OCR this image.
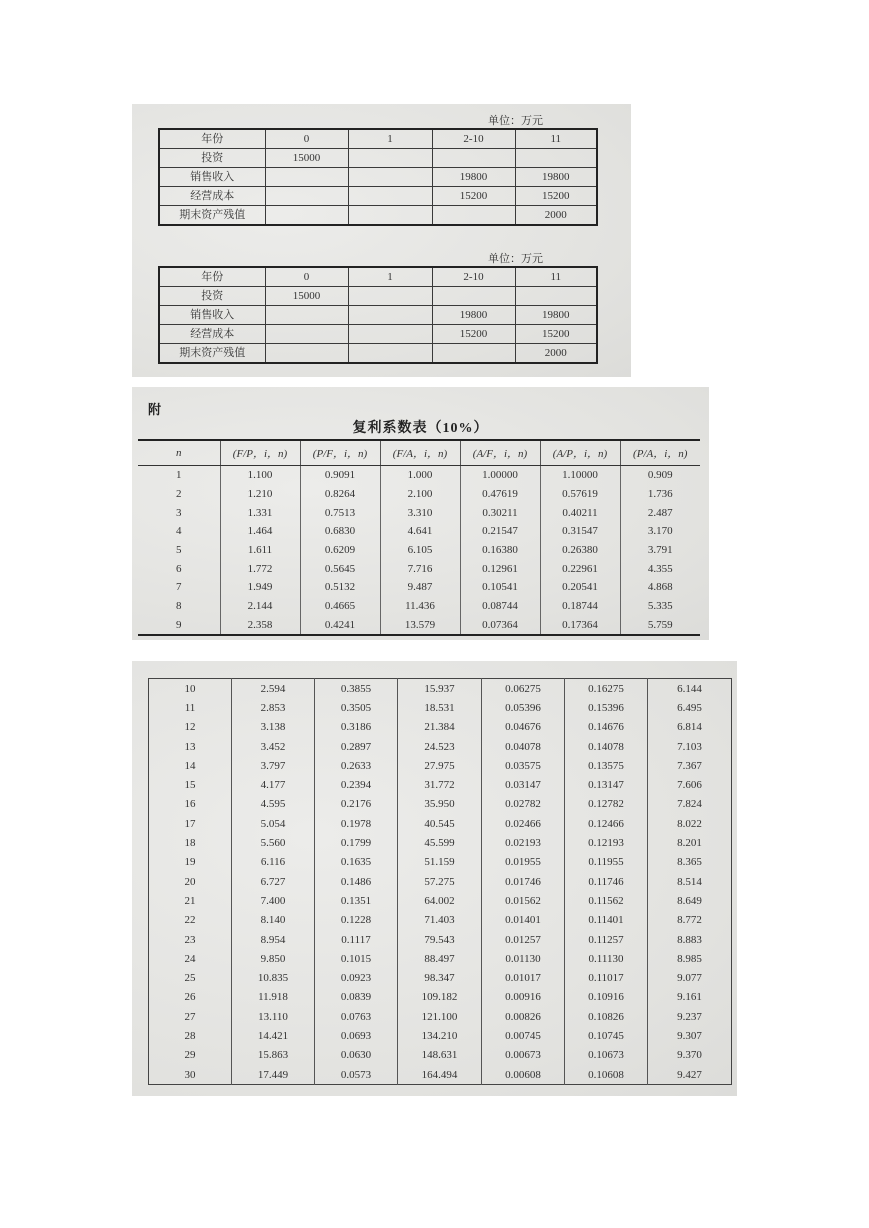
单位：万元
年份	0	1	2-10	11
投资	15000			
销售收入			19800	19800
经营成本			15200	15200
期末资产残值				2000
单位：万元
年份	0	1	2-10	11
投资	15000			
销售收入			19800	19800
经营成本			15200	15200
期末资产残值				2000
附
复利系数表（10%）
n	(F/P，i，n)	(P/F，i，n)	(F/A，i，n)	(A/F，i，n)	(A/P，i，n)	(P/A，i，n)
1	1.100	0.9091	1.000	1.00000	1.10000	0.909
2	1.210	0.8264	2.100	0.47619	0.57619	1.736
3	1.331	0.7513	3.310	0.30211	0.40211	2.487
4	1.464	0.6830	4.641	0.21547	0.31547	3.170
5	1.611	0.6209	6.105	0.16380	0.26380	3.791
6	1.772	0.5645	7.716	0.12961	0.22961	4.355
7	1.949	0.5132	9.487	0.10541	0.20541	4.868
8	2.144	0.4665	11.436	0.08744	0.18744	5.335
9	2.358	0.4241	13.579	0.07364	0.17364	5.759
10	2.594	0.3855	15.937	0.06275	0.16275	6.144
11	2.853	0.3505	18.531	0.05396	0.15396	6.495
12	3.138	0.3186	21.384	0.04676	0.14676	6.814
13	3.452	0.2897	24.523	0.04078	0.14078	7.103
14	3.797	0.2633	27.975	0.03575	0.13575	7.367
15	4.177	0.2394	31.772	0.03147	0.13147	7.606
16	4.595	0.2176	35.950	0.02782	0.12782	7.824
17	5.054	0.1978	40.545	0.02466	0.12466	8.022
18	5.560	0.1799	45.599	0.02193	0.12193	8.201
19	6.116	0.1635	51.159	0.01955	0.11955	8.365
20	6.727	0.1486	57.275	0.01746	0.11746	8.514
21	7.400	0.1351	64.002	0.01562	0.11562	8.649
22	8.140	0.1228	71.403	0.01401	0.11401	8.772
23	8.954	0.1117	79.543	0.01257	0.11257	8.883
24	9.850	0.1015	88.497	0.01130	0.11130	8.985
25	10.835	0.0923	98.347	0.01017	0.11017	9.077
26	11.918	0.0839	109.182	0.00916	0.10916	9.161
27	13.110	0.0763	121.100	0.00826	0.10826	9.237
28	14.421	0.0693	134.210	0.00745	0.10745	9.307
29	15.863	0.0630	148.631	0.00673	0.10673	9.370
30	17.449	0.0573	164.494	0.00608	0.10608	9.427
